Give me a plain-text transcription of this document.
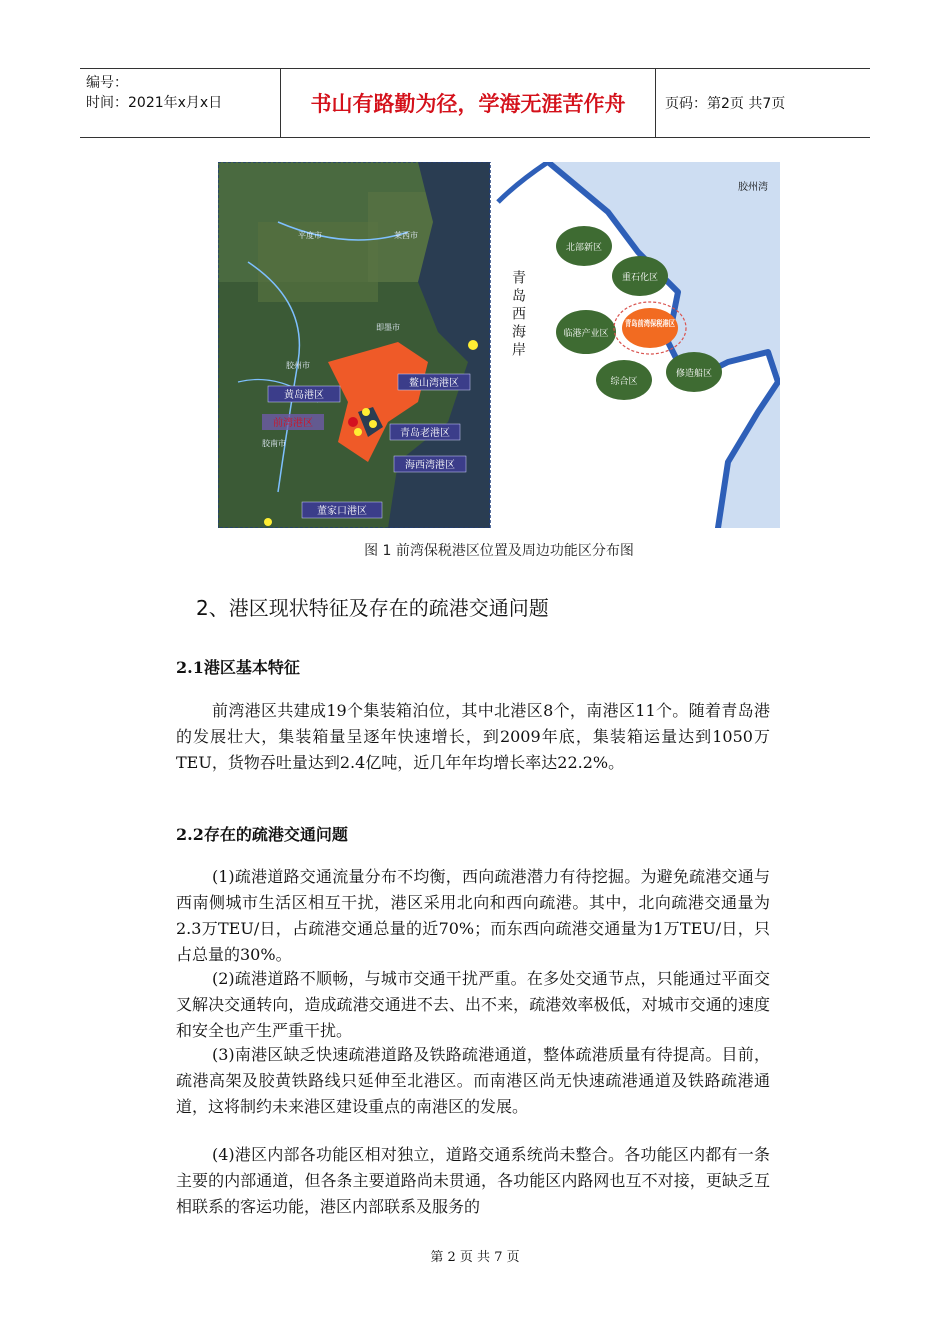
编号：
时间：2021年x月x日	书山有路勤为径，学海无涯苦作舟	页码：第2页 共7页
黄岛港区
前湾港区
鳌山湾港区
青岛老港区
海西湾港区
董家口港区
平度市	莱西市
即墨市
胶州市
胶南市
胶州湾
青岛西海岸
北部新区
重石化区
临港产业区
青岛前湾保税港区
综合区
修造船区
图 1 前湾保税港区位置及周边功能区分布图
2、港区现状特征及存在的疏港交通问题
2.1港区基本特征
前湾港区共建成19个集装箱泊位，其中北港区8个，南港区11个。随着青岛港的发展壮大，集装箱量呈逐年快速增长，到2009年底，集装箱运量达到1050万TEU，货物吞吐量达到2.4亿吨，近几年年均增长率达22.2%。
2.2存在的疏港交通问题
(1)疏港道路交通流量分布不均衡，西向疏港潜力有待挖掘。为避免疏港交通与西南侧城市生活区相互干扰，港区采用北向和西向疏港。其中，北向疏港交通量为2.3万TEU/日，占疏港交通总量的近70%；而东西向疏港交通量为1万TEU/日，只占总量的30%。
(2)疏港道路不顺畅，与城市交通干扰严重。在多处交通节点，只能通过平面交叉解决交通转向，造成疏港交通进不去、出不来，疏港效率极低，对城市交通的速度和安全也产生严重干扰。
(3)南港区缺乏快速疏港道路及铁路疏港通道，整体疏港质量有待提高。目前，疏港高架及胶黄铁路线只延伸至北港区。而南港区尚无快速疏港通道及铁路疏港通道，这将制约未来港区建设重点的南港区的发展。
(4)港区内部各功能区相对独立，道路交通系统尚未整合。各功能区内都有一条主要的内部通道，但各条主要道路尚未贯通，各功能区内路网也互不对接，更缺乏互相联系的客运功能，港区内部联系及服务的
第 2 页 共 7 页
